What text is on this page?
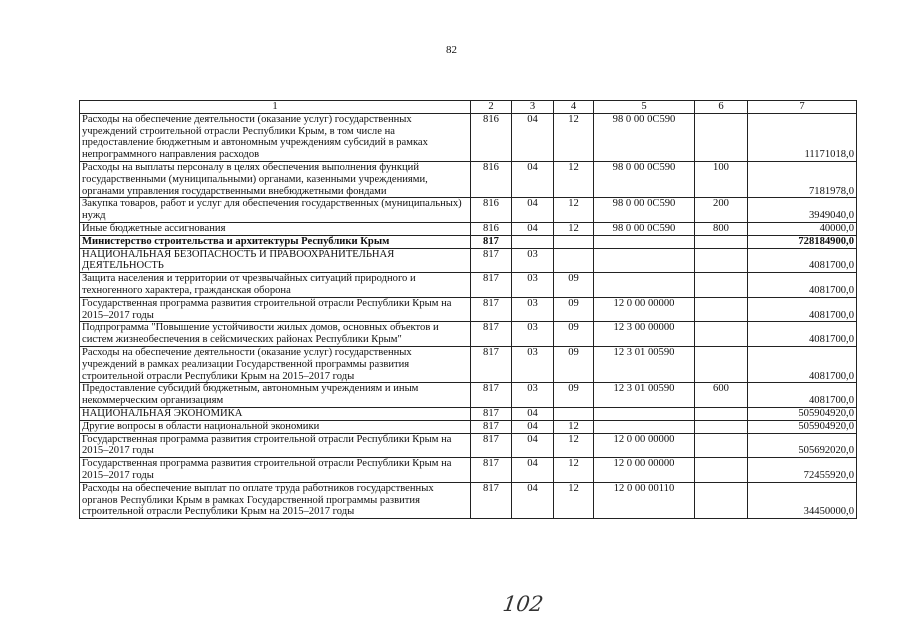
82
1	2	3	4	5	6	7
Расходы на обеспечение деятельности (оказание услуг) государственных учреждений строительной отрасли Республики Крым, в том числе на предоставление бюджетным и автономным учреждениям субсидий в рамках непрограммного направления расходов	816	04	12	98 0 00 0С590		11171018,0
Расходы на выплаты персоналу в целях обеспечения выполнения функций государственными (муниципальными) органами, казенными учреждениями, органами управления государственными внебюджетными фондами	816	04	12	98 0 00 0С590	100	7181978,0
Закупка товаров, работ и услуг для обеспечения государственных (муниципальных) нужд	816	04	12	98 0 00 0С590	200	3949040,0
Иные бюджетные ассигнования	816	04	12	98 0 00 0С590	800	40000,0
Министерство строительства и архитектуры Республики Крым	817					728184900,0
НАЦИОНАЛЬНАЯ БЕЗОПАСНОСТЬ И ПРАВООХРАНИТЕЛЬНАЯ ДЕЯТЕЛЬНОСТЬ	817	03				4081700,0
Защита населения и территории от чрезвычайных ситуаций природного и техногенного характера, гражданская оборона	817	03	09			4081700,0
Государственная программа развития строительной отрасли Республики Крым на 2015–2017 годы	817	03	09	12 0 00 00000		4081700,0
Подпрограмма "Повышение устойчивости жилых домов, основных объектов и систем жизнеобеспечения в сейсмических районах Республики Крым"	817	03	09	12 3 00 00000		4081700,0
Расходы на обеспечение деятельности (оказание услуг) государственных учреждений в рамках реализации Государственной программы развития строительной отрасли Республики Крым на 2015–2017 годы	817	03	09	12 3 01 00590		4081700,0
Предоставление субсидий бюджетным, автономным учреждениям и иным некоммерческим организациям	817	03	09	12 3 01 00590	600	4081700,0
НАЦИОНАЛЬНАЯ ЭКОНОМИКА	817	04				505904920,0
Другие вопросы в области национальной экономики	817	04	12			505904920,0
Государственная программа развития строительной отрасли Республики Крым на 2015–2017 годы	817	04	12	12 0 00 00000		505692020,0
Государственная программа развития строительной отрасли Республики Крым на 2015–2017 годы	817	04	12	12 0 00 00000		72455920,0
Расходы на обеспечение выплат по оплате труда работников государственных органов Республики Крым в рамках Государственной программы развития строительной отрасли Республики Крым на 2015–2017 годы	817	04	12	12 0 00 00110		34450000,0
102
